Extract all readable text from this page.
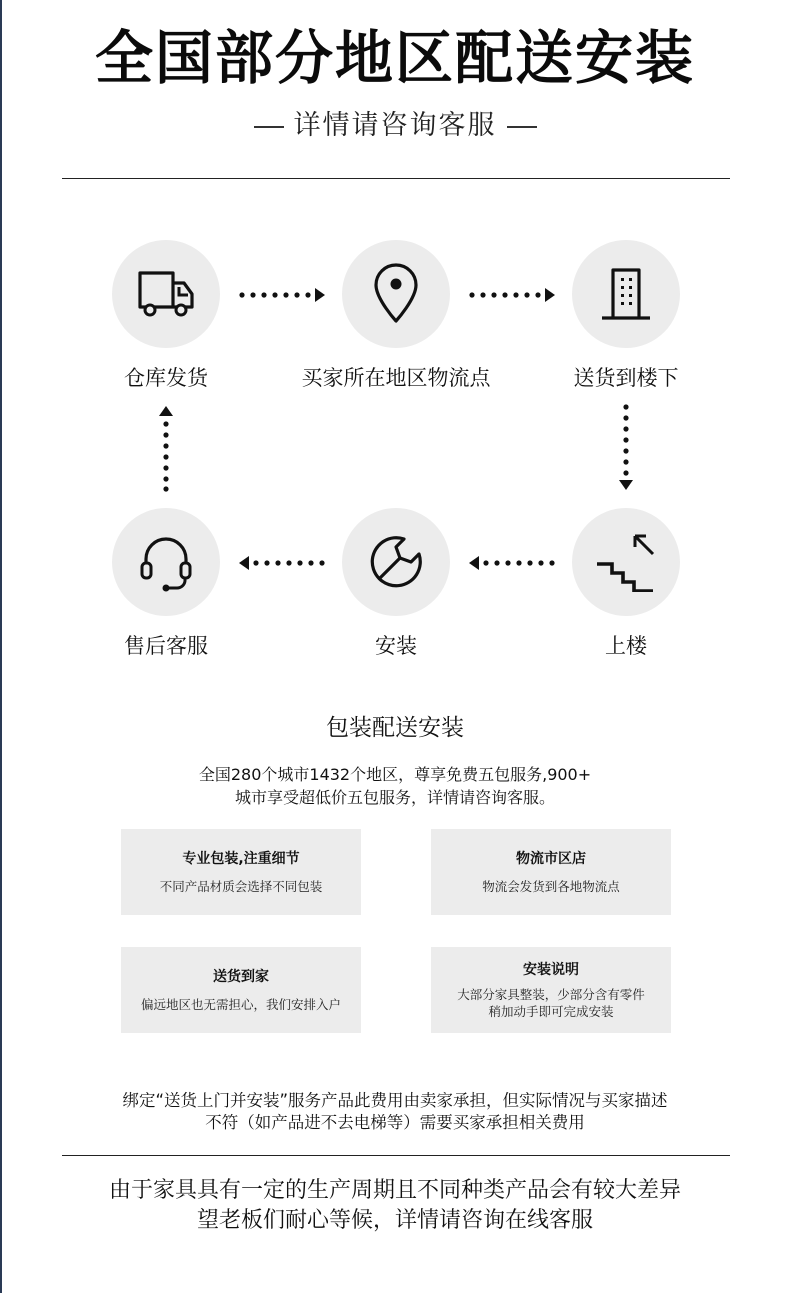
全国部分地区配送安装
详情请咨询客服
仓库发货	买家所在地区物流点	送货到楼下
上楼
安装
售后客服
包装配送安装
全国280个城市1432个地区，尊享免费五包服务,900+
城市享受超低价五包服务，详情请咨询客服。
专业包装,注重细节
不同产品材质会选择不同包装
物流市区店
物流会发货到各地物流点
送货到家
偏远地区也无需担心，我们安排入户
安装说明
大部分家具整装，少部分含有零件
稍加动手即可完成安装
绑定“送货上门并安装”服务产品此费用由卖家承担，但实际情况与买家描述
不符（如产品进不去电梯等）需要买家承担相关费用
由于家具具有一定的生产周期且不同种类产品会有较大差异
望老板们耐心等候，详情请咨询在线客服
